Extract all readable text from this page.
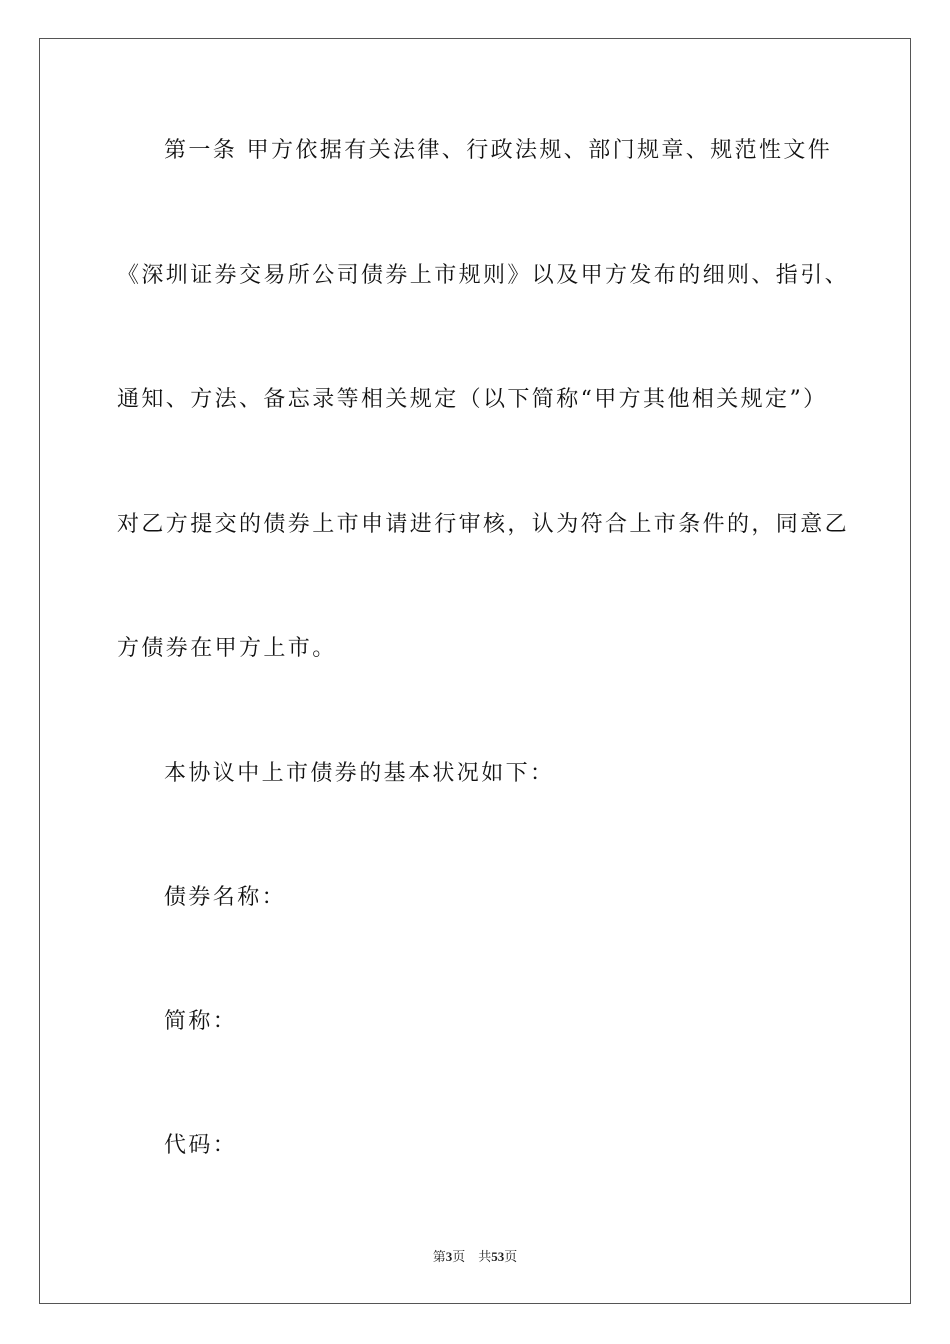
第一条 甲方依据有关法律、行政法规、部门规章、规范性文件
《深圳证券交易所公司债券上市规则》以及甲方发布的细则、指引、
通知、方法、备忘录等相关规定（以下简称“甲方其他相关规定”）
对乙方提交的债券上市申请进行审核，认为符合上市条件的，同意乙
方债券在甲方上市。
本协议中上市债券的基本状况如下：
债券名称：
简称：
代码：
第3页 共53页
